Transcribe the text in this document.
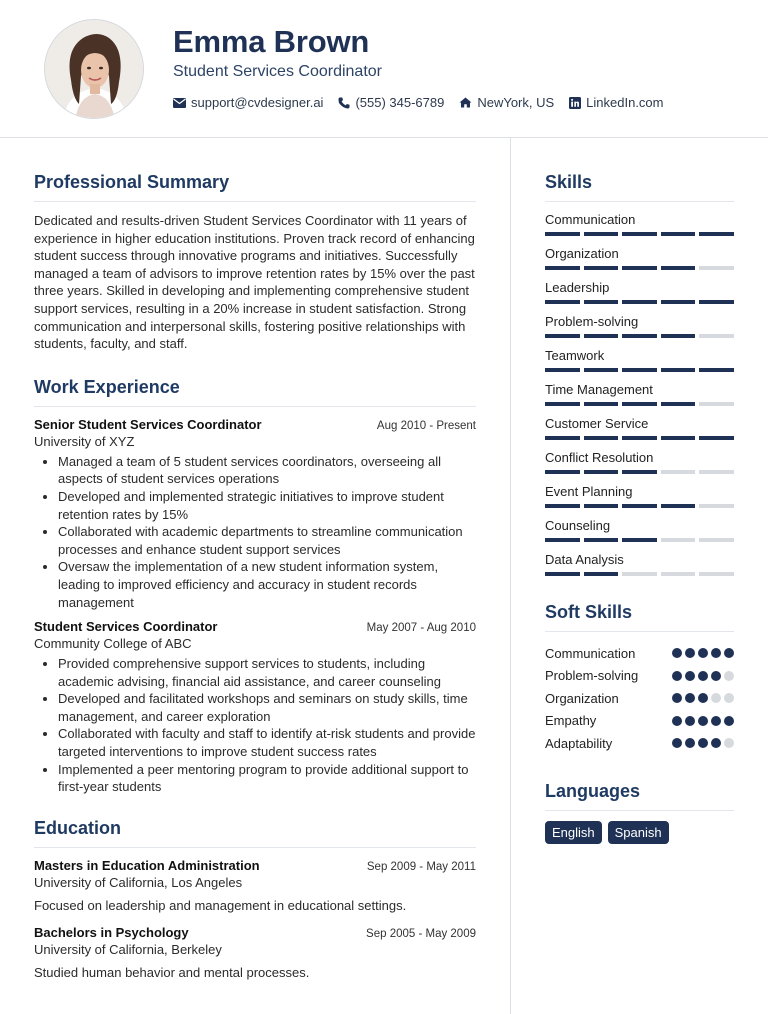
Emma Brown
Student Services Coordinator
support@cvdesigner.ai (555) 345-6789	NewYork, US LinkedIn.com
Professional Summary

Dedicated and results-driven Student Services Coordinator with 11 years of experience in higher education institutions. Proven track record of enhancing student success through innovative programs and initiatives. Successfully managed a team of advisors to improve retention rates by 15% over the past three years. Skilled in developing and implementing comprehensive student support services, resulting in a 20% increase in student satisfaction. Strong communication and interpersonal skills, fostering positive relationships with students, faculty, and staff.

Work Experience
Senior Student Services Coordinator	Aug 2010 - Present
University of XYZ
• Managed a team of 5 student services coordinators, overseeing all aspects of student services operations
• Developed and implemented strategic initiatives to improve student retention rates by 15%
• Collaborated with academic departments to streamline communication processes and enhance student support services
• Oversaw the implementation of a new student information system, leading to improved efficiency and accuracy in student records management
Student Services Coordinator	May 2007 - Aug 2010
Community College of ABC
• Provided comprehensive support services to students, including academic advising, financial aid assistance, and career counseling
• Developed and facilitated workshops and seminars on study skills, time management, and career exploration
• Collaborated with faculty and staff to identify at-risk students and provide targeted interventions to improve student success rates
• Implemented a peer mentoring program to provide additional support to first-year students
Education
Masters in Education Administration	Sep 2009 - May 2011
University of California, Los Angeles
Focused on leadership and management in educational settings.
Bachelors in Psychology	Sep 2005 - May 2009
University of California, Berkeley
Studied human behavior and mental processes.
Skills
Communication
Organization
Leadership
Problem-solving
Teamwork
Time Management
Customer Service
Conflict Resolution
Event Planning
Counseling
Data Analysis
Soft Skills
Communication
Problem-solving
Organization
Empathy
Adaptability
Languages
English	Spanish
